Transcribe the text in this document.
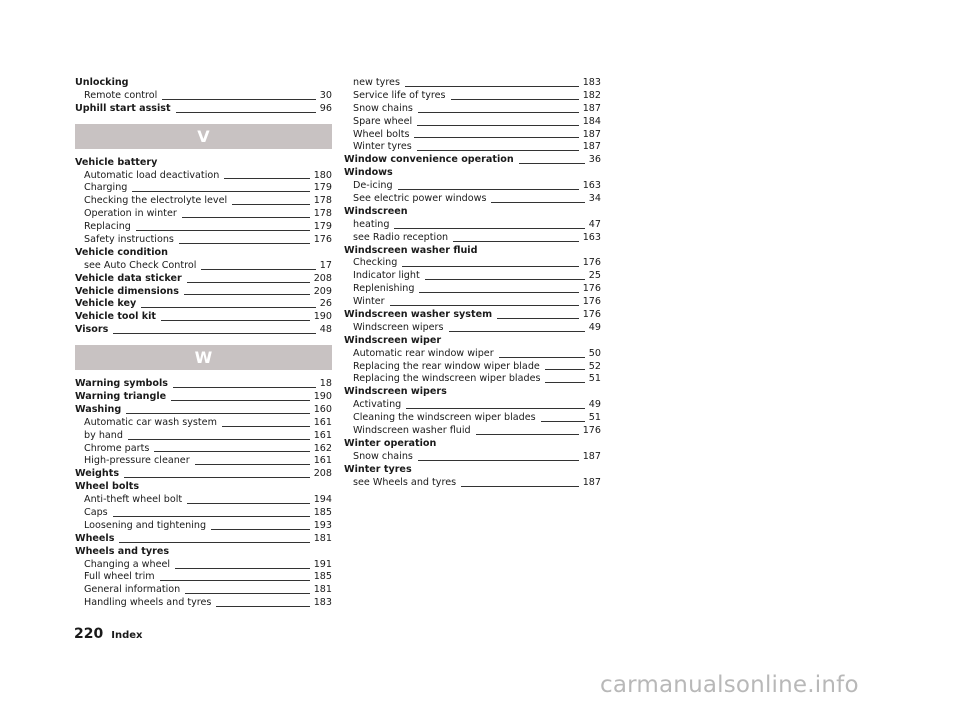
Unlocking
Remote control	30
Uphill start assist	96
V
Vehicle battery
Automatic load deactivation	180
Charging	179
Checking the electrolyte level	178
Operation in winter	178
Replacing	179
Safety instructions	176
Vehicle condition
see Auto Check Control	17
Vehicle data sticker	208
Vehicle dimensions	209
Vehicle key	26
Vehicle tool kit	190
Visors	48
W
Warning symbols	18
Warning triangle	190
Washing	160
Automatic car wash system	161
by hand	161
Chrome parts	162
High-pressure cleaner	161
Weights	208
Wheel bolts
Anti-theft wheel bolt	194
Caps	185
Loosening and tightening	193
Wheels	181
Wheels and tyres
Changing a wheel	191
Full wheel trim	185
General information	181
Handling wheels and tyres	183
new tyres	183
Service life of tyres	182
Snow chains	187
Spare wheel	184
Wheel bolts	187
Winter tyres	187
Window convenience operation	36
Windows
De-icing	163
See electric power windows	34
Windscreen
heating	47
see Radio reception	163
Windscreen washer fluid
Checking	176
Indicator light	25
Replenishing	176
Winter	176
Windscreen washer system	176
Windscreen wipers	49
Windscreen wiper
Automatic rear window wiper	50
Replacing the rear window wiper blade	52
Replacing the windscreen wiper blades	51
Windscreen wipers
Activating	49
Cleaning the windscreen wiper blades	51
Windscreen washer fluid	176
Winter operation
Snow chains	187
Winter tyres
see Wheels and tyres	187
220 Index
carmanualsonline.info
